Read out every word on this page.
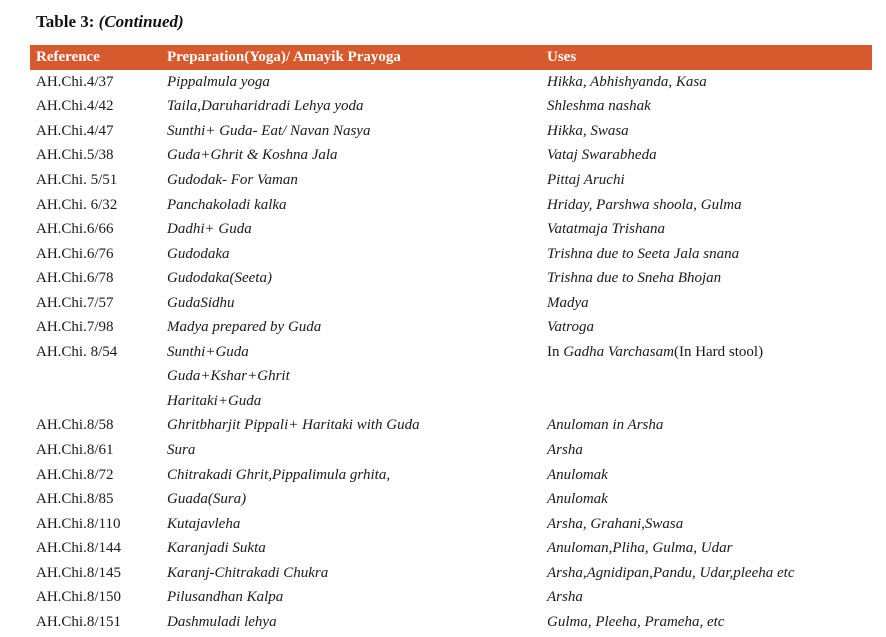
Table 3: (Continued)
Reference	Preparation(Yoga)/ Amayik Prayoga	Uses
AH.Chi.4/37	Pippalmula yoga	Hikka, Abhishyanda, Kasa
AH.Chi.4/42	Taila,Daruharidradi Lehya yoda	Shleshma nashak
AH.Chi.4/47	Sunthi+ Guda- Eat/ Navan Nasya	Hikka, Swasa
AH.Chi.5/38	Guda+Ghrit & Koshna Jala	Vataj Swarabheda
AH.Chi. 5/51	Gudodak- For Vaman	Pittaj Aruchi
AH.Chi. 6/32	Panchakoladi kalka	Hriday, Parshwa shoola, Gulma
AH.Chi.6/66	Dadhi+ Guda	Vatatmaja Trishana
AH.Chi.6/76	Gudodaka	Trishna due to Seeta Jala snana
AH.Chi.6/78	Gudodaka(Seeta)	Trishna due to Sneha Bhojan
AH.Chi.7/57	GudaSidhu	Madya
AH.Chi.7/98	Madya prepared by Guda	Vatroga
AH.Chi. 8/54	Sunthi+Guda	In Gadha Varchasam(In Hard stool)
Guda+Kshar+Ghrit
Haritaki+Guda
AH.Chi.8/58	Ghritbharjit Pippali+ Haritaki with Guda	Anuloman in Arsha
AH.Chi.8/61	Sura	Arsha
AH.Chi.8/72	Chitrakadi Ghrit,Pippalimula grhita,	Anulomak
AH.Chi.8/85	Guada(Sura)	Anulomak
AH.Chi.8/110	Kutajavleha	Arsha, Grahani,Swasa
AH.Chi.8/144	Karanjadi Sukta	Anuloman,Pliha, Gulma, Udar
AH.Chi.8/145	Karanj-Chitrakadi Chukra	Arsha,Agnidipan,Pandu, Udar,pleeha etc
AH.Chi.8/150	Pilusandhan Kalpa	Arsha
AH.Chi.8/151	Dashmuladi lehya	Gulma, Pleeha, Prameha, etc
